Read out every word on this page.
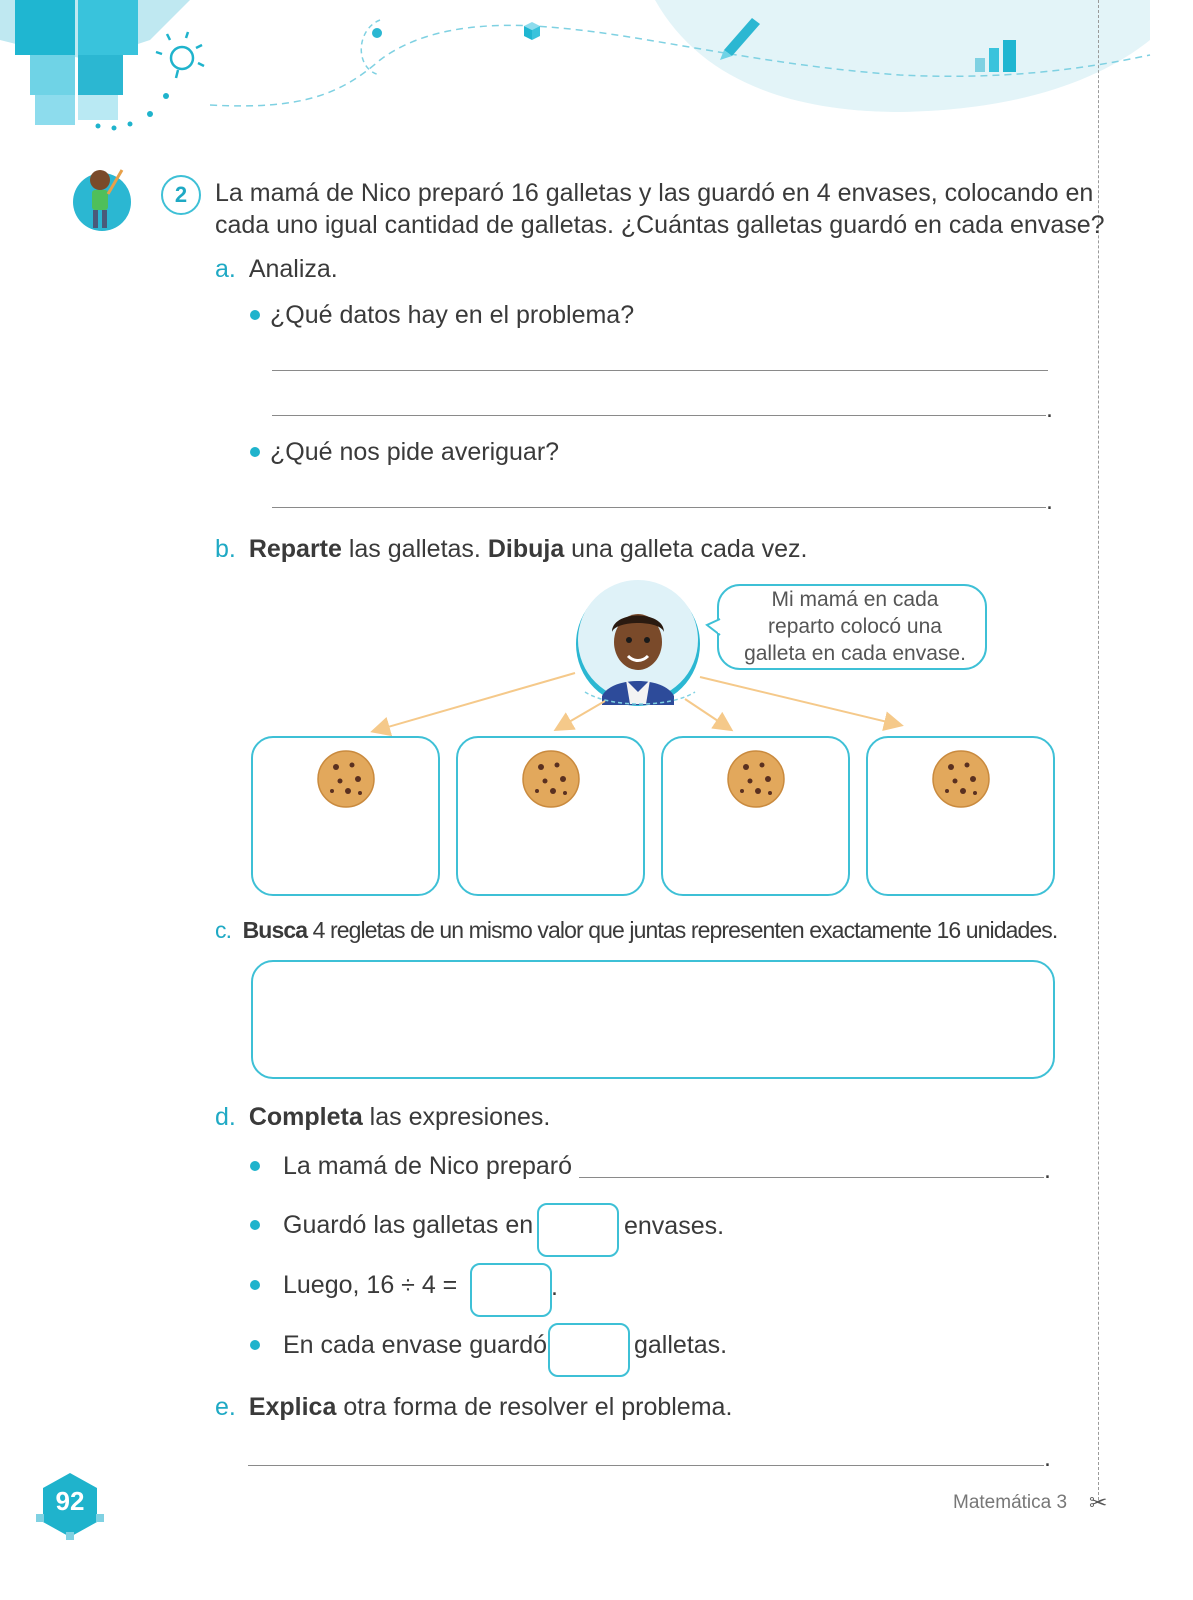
✂
2	La mamá de Nico preparó 16 galletas y las guardó en 4 envases, colocando en
cada uno igual cantidad de galletas. ¿Cuántas galletas guardó en cada envase?
a. Analiza.
¿Qué datos hay en el problema?
.
¿Qué nos pide averiguar?
.
b. Reparte las galletas. Dibuja una galleta cada vez.
Mi mamá en cada
reparto colocó una
galleta en cada envase.
c. Busca 4 regletas de un mismo valor que juntas representen exactamente 16 unidades.
d. Completa las expresiones.
La mamá de Nico preparó	.
Guardó las galletas en	envases.
Luego, 16 ÷ 4 =	.
En cada envase guardó	galletas.
e. Explica otra forma de resolver el problema.
.
92	Matemática 3
